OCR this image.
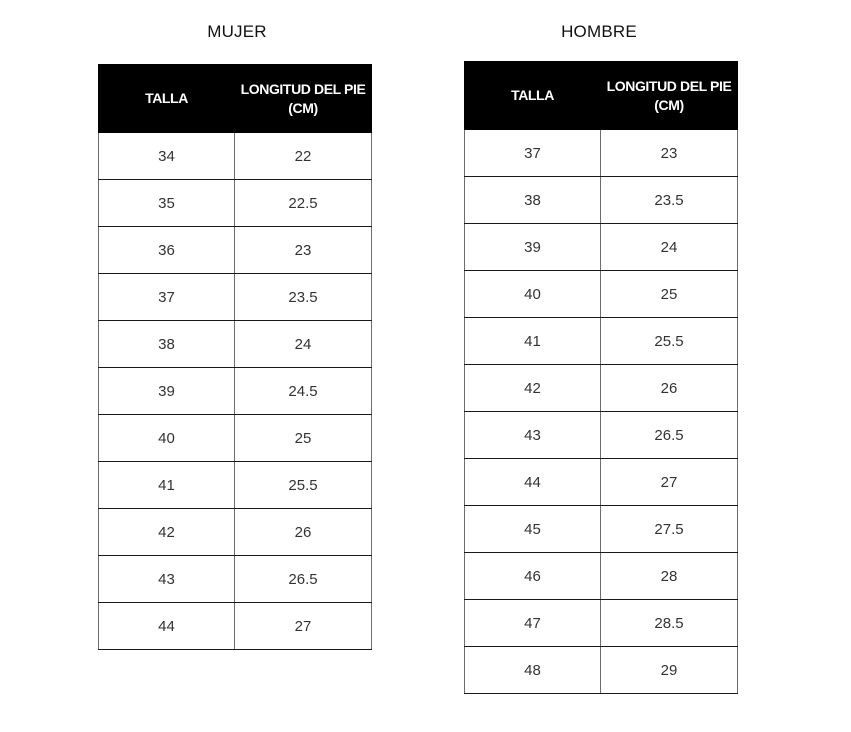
MUJER
TALLA	LONGITUD DEL PIE
(CM)

34	22
35	22.5
36	23
37	23.5
38	24
39	24.5
40	25
41	25.5
42	26
43	26.5
44	27
HOMBRE
TALLA	LONGITUD DEL PIE
(CM)

37	23
38	23.5
39	24
40	25
41	25.5
42	26
43	26.5
44	27
45	27.5
46	28
47	28.5
48	29
